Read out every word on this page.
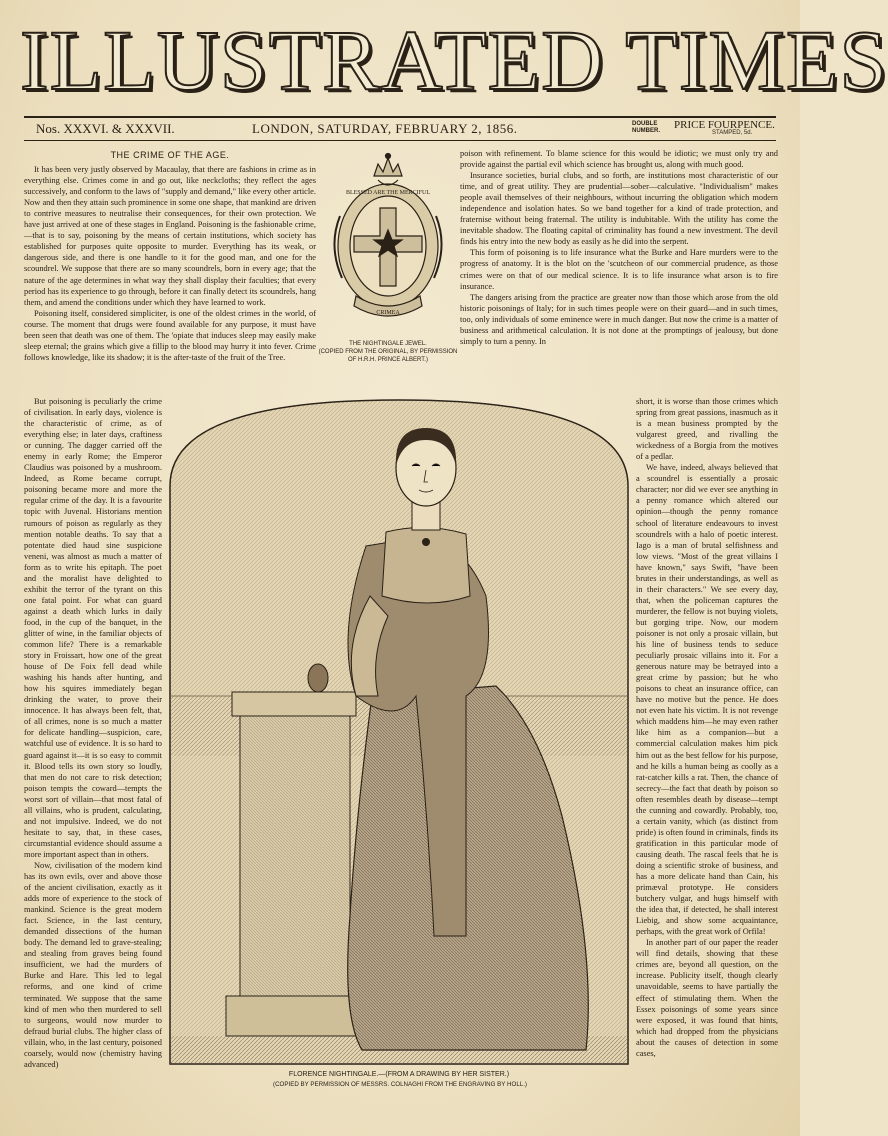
ILLUSTRATED TIMES
Nos. XXXVI. & XXXVII.	LONDON, SATURDAY, FEBRUARY 2, 1856.	DOUBLE NUMBER.	PRICE FOURPENCE.
STAMPED, 5d.

THE CRIME OF THE AGE.

It has been very justly observed by Macaulay, that there are fashions in crime as in everything else. Crimes come in and go out, like neckcloths; they reflect the ages successively, and conform to the laws of "supply and demand," like every other article. Now and then they attain such prominence in some one shape, that mankind are driven to contrive measures to neutralise their consequences, for their own protection. We have just arrived at one of these stages in England. Poisoning is the fashionable crime,—that is to say, poisoning by the means of certain institutions, which society has established for purposes quite opposite to murder. Everything has its weak, or dangerous side, and there is one handle to it for the good man, and one for the scoundrel. We suppose that there are so many scoundrels, born in every age; that the nature of the age determines in what way they shall display their faculties; that every period has its experience to go through, before it can finally detect its scoundrels, hang them, and amend the conditions under which they have learned to work.

Poisoning itself, considered simpliciter, is one of the oldest crimes in the world, of course. The moment that drugs were found available for any purpose, it must have been seen that death was one of them. The 'opiate that induces sleep may easily make sleep eternal; the grains which give a fillip to the blood may hurry it into fever. Crime follows knowledge, like its shadow; it is the after-taste of the fruit of the Tree.

But poisoning is peculiarly the crime of civilisation. In early days, violence is the characteristic of crime, as of everything else; in later days, craftiness or cunning. The dagger carried off the enemy in early Rome; the Emperor Claudius was poisoned by a mushroom. Indeed, as Rome became corrupt, poisoning became more and more the regular crime of the day. It is a favourite topic with Juvenal. Historians mention rumours of poison as regularly as they mention notable deaths. To say that a potentate died haud sine suspicione veneni, was almost as much a matter of form as to write his epitaph. The poet and the moralist have delighted to exhibit the terror of the tyrant on this one fatal point. For what can guard against a death which lurks in daily food, in the cup of the banquet, in the glitter of wine, in the familiar objects of common life? There is a remarkable story in Froissart, how one of the great house of De Foix fell dead while washing his hands after hunting, and how his squires immediately began drinking the water, to prove their innocence. It has always been felt, that, of all crimes, none is so much a matter for delicate handling—suspicion, care, watchful use of evidence. It is so hard to guard against it—it is so easy to commit it. Blood tells its own story so loudly, that men do not care to risk detection; poison tempts the coward—tempts the worst sort of villain—that most fatal of all villains, who is prudent, calculating, and not impulsive. Indeed, we do not hesitate to say, that, in these cases, circumstantial evidence should assume a more important aspect than in others.

Now, civilisation of the modern kind has its own evils, over and above those of the ancient civilisation, exactly as it adds more of experience to the stock of mankind. Science is the great modern fact. Science, in the last century, demanded dissections of the human body. The demand led to grave-stealing; and stealing from graves being found insufficient, we had the murders of Burke and Hare. This led to legal reforms, and one kind of crime terminated. We suppose that the same kind of men who then murdered to sell to surgeons, would now murder to defraud burial clubs. The higher class of villain, who, in the last century, poisoned coarsely, would now (chemistry having advanced)

BLESSED ARE THE MERCIFUL
CRIMEA
THE NIGHTINGALE JEWEL.
(COPIED FROM THE ORIGINAL, BY PERMISSION OF H.R.H. PRINCE ALBERT.)

poison with refinement. To blame science for this would be idiotic; we must only try and provide against the partial evil which science has brought us, along with much good.

Insurance societies, burial clubs, and so forth, are institutions most characteristic of our time, and of great utility. They are prudential—sober—calculative. "Individualism" makes people avail themselves of their neighbours, without incurring the obligation which modern independence and isolation hates. So we band together for a kind of trade protection, and fraternise without being fraternal. The utility is indubitable. With the utility has come the inevitable shadow. The floating capital of criminality has found a new investment. The devil finds his entry into the new body as easily as he did into the serpent.

This form of poisoning is to life insurance what the Burke and Hare murders were to the progress of anatomy. It is the blot on the 'scutcheon of our commercial prudence, as those crimes were on that of our medical science. It is to life insurance what arson is to fire insurance.

The dangers arising from the practice are greater now than those which arose from the old historic poisonings of Italy; for in such times people were on their guard—and in such times, too, only individuals of some eminence were in much danger. But now the crime is a matter of business and arithmetical calculation. It is not done at the promptings of jealousy, but done simply to turn a penny. In

FLORENCE NIGHTINGALE.—(FROM A DRAWING BY HER SISTER.)
(COPIED BY PERMISSION OF MESSRS. COLNAGHI FROM THE ENGRAVING BY HOLL.)

short, it is worse than those crimes which spring from great passions, inasmuch as it is a mean business prompted by the vulgarest greed, and rivalling the wickedness of a Borgia from the motives of a pedlar.

We have, indeed, always believed that a scoundrel is essentially a prosaic character; nor did we ever see anything in a penny romance which altered our opinion—though the penny romance school of literature endeavours to invest scoundrels with a halo of poetic interest. Iago is a man of brutal selfishness and low views. "Most of the great villains I have known," says Swift, "have been brutes in their understandings, as well as in their characters." We see every day, that, when the policeman captures the murderer, the fellow is not buying violets, but gorging tripe. Now, our modern poisoner is not only a prosaic villain, but his line of business tends to seduce peculiarly prosaic villains into it. For a generous nature may be betrayed into a great crime by passion; but he who poisons to cheat an insurance office, can have no motive but the pence. He does not even hate his victim. It is not revenge which maddens him—he may even rather like him as a companion—but a commercial calculation makes him pick him out as the best fellow for his purpose, and he kills a human being as coolly as a rat-catcher kills a rat. Then, the chance of secrecy—the fact that death by poison so often resembles death by disease—tempt the cunning and cowardly. Probably, too, a certain vanity, which (as distinct from pride) is often found in criminals, finds its gratification in this particular mode of causing death. The rascal feels that he is doing a scientific stroke of business, and has a more delicate hand than Cain, his primæval prototype. He considers butchery vulgar, and hugs himself with the idea that, if detected, he shall interest Liebig, and show some acquaintance, perhaps, with the great work of Orfila!

In another part of our paper the reader will find details, showing that these crimes are, beyond all question, on the increase. Publicity itself, though clearly unavoidable, seems to have partially the effect of stimulating them. When the Essex poisonings of some years since were exposed, it was found that hints, which had dropped from the physicians about the causes of detection in some cases,
